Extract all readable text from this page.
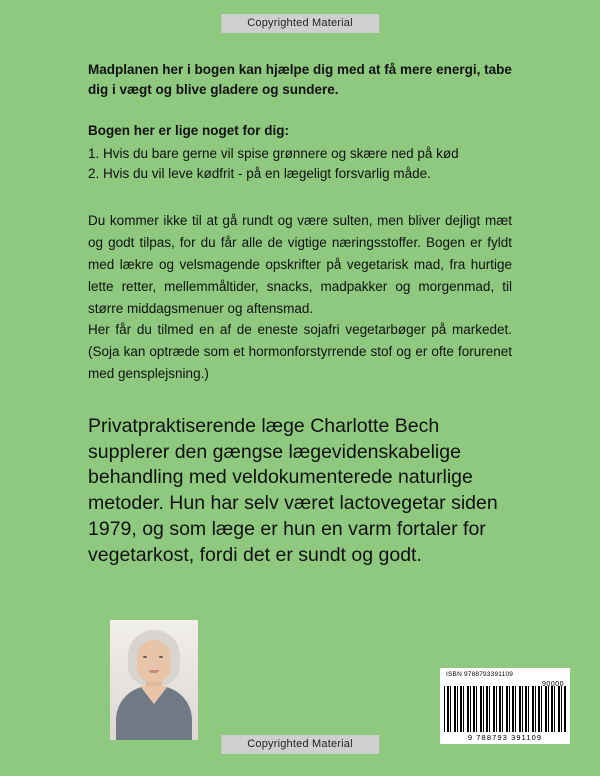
Copyrighted Material

Madplanen her i bogen kan hjælpe dig med at få mere energi, tabe dig i vægt og blive gladere og sundere.

Bogen her er lige noget for dig:

1. Hvis du bare gerne vil spise grønnere og skære ned på kød
2. Hvis du vil leve kødfrit - på en lægeligt forsvarlig måde.

Du kommer ikke til at gå rundt og være sulten, men bliver dejligt mæt og godt tilpas, for du får alle de vigtige næringsstoffer. Bogen er fyldt med lækre og velsmagende opskrifter på vegetarisk mad, fra hurtige lette retter, mellemmåltider, snacks, madpakker og morgenmad, til større middagsmenuer og aftensmad.

Her får du tilmed en af de eneste sojafri vegetarbøger på markedet. (Soja kan optræde som et hormonforstyrrende stof og er ofte forurenet med gensplejsning.)

Privatpraktiserende læge Charlotte Bech supplerer den gængse lægevidenskabelige behandling med veldokumenterede naturlige metoder. Hun har selv været lactovegetar siden 1979, og som læge er hun en varm fortaler for vegetarkost, fordi det er sundt og godt.
ISBN 9788793391109
90000
9 788793 391109
Copyrighted Material
